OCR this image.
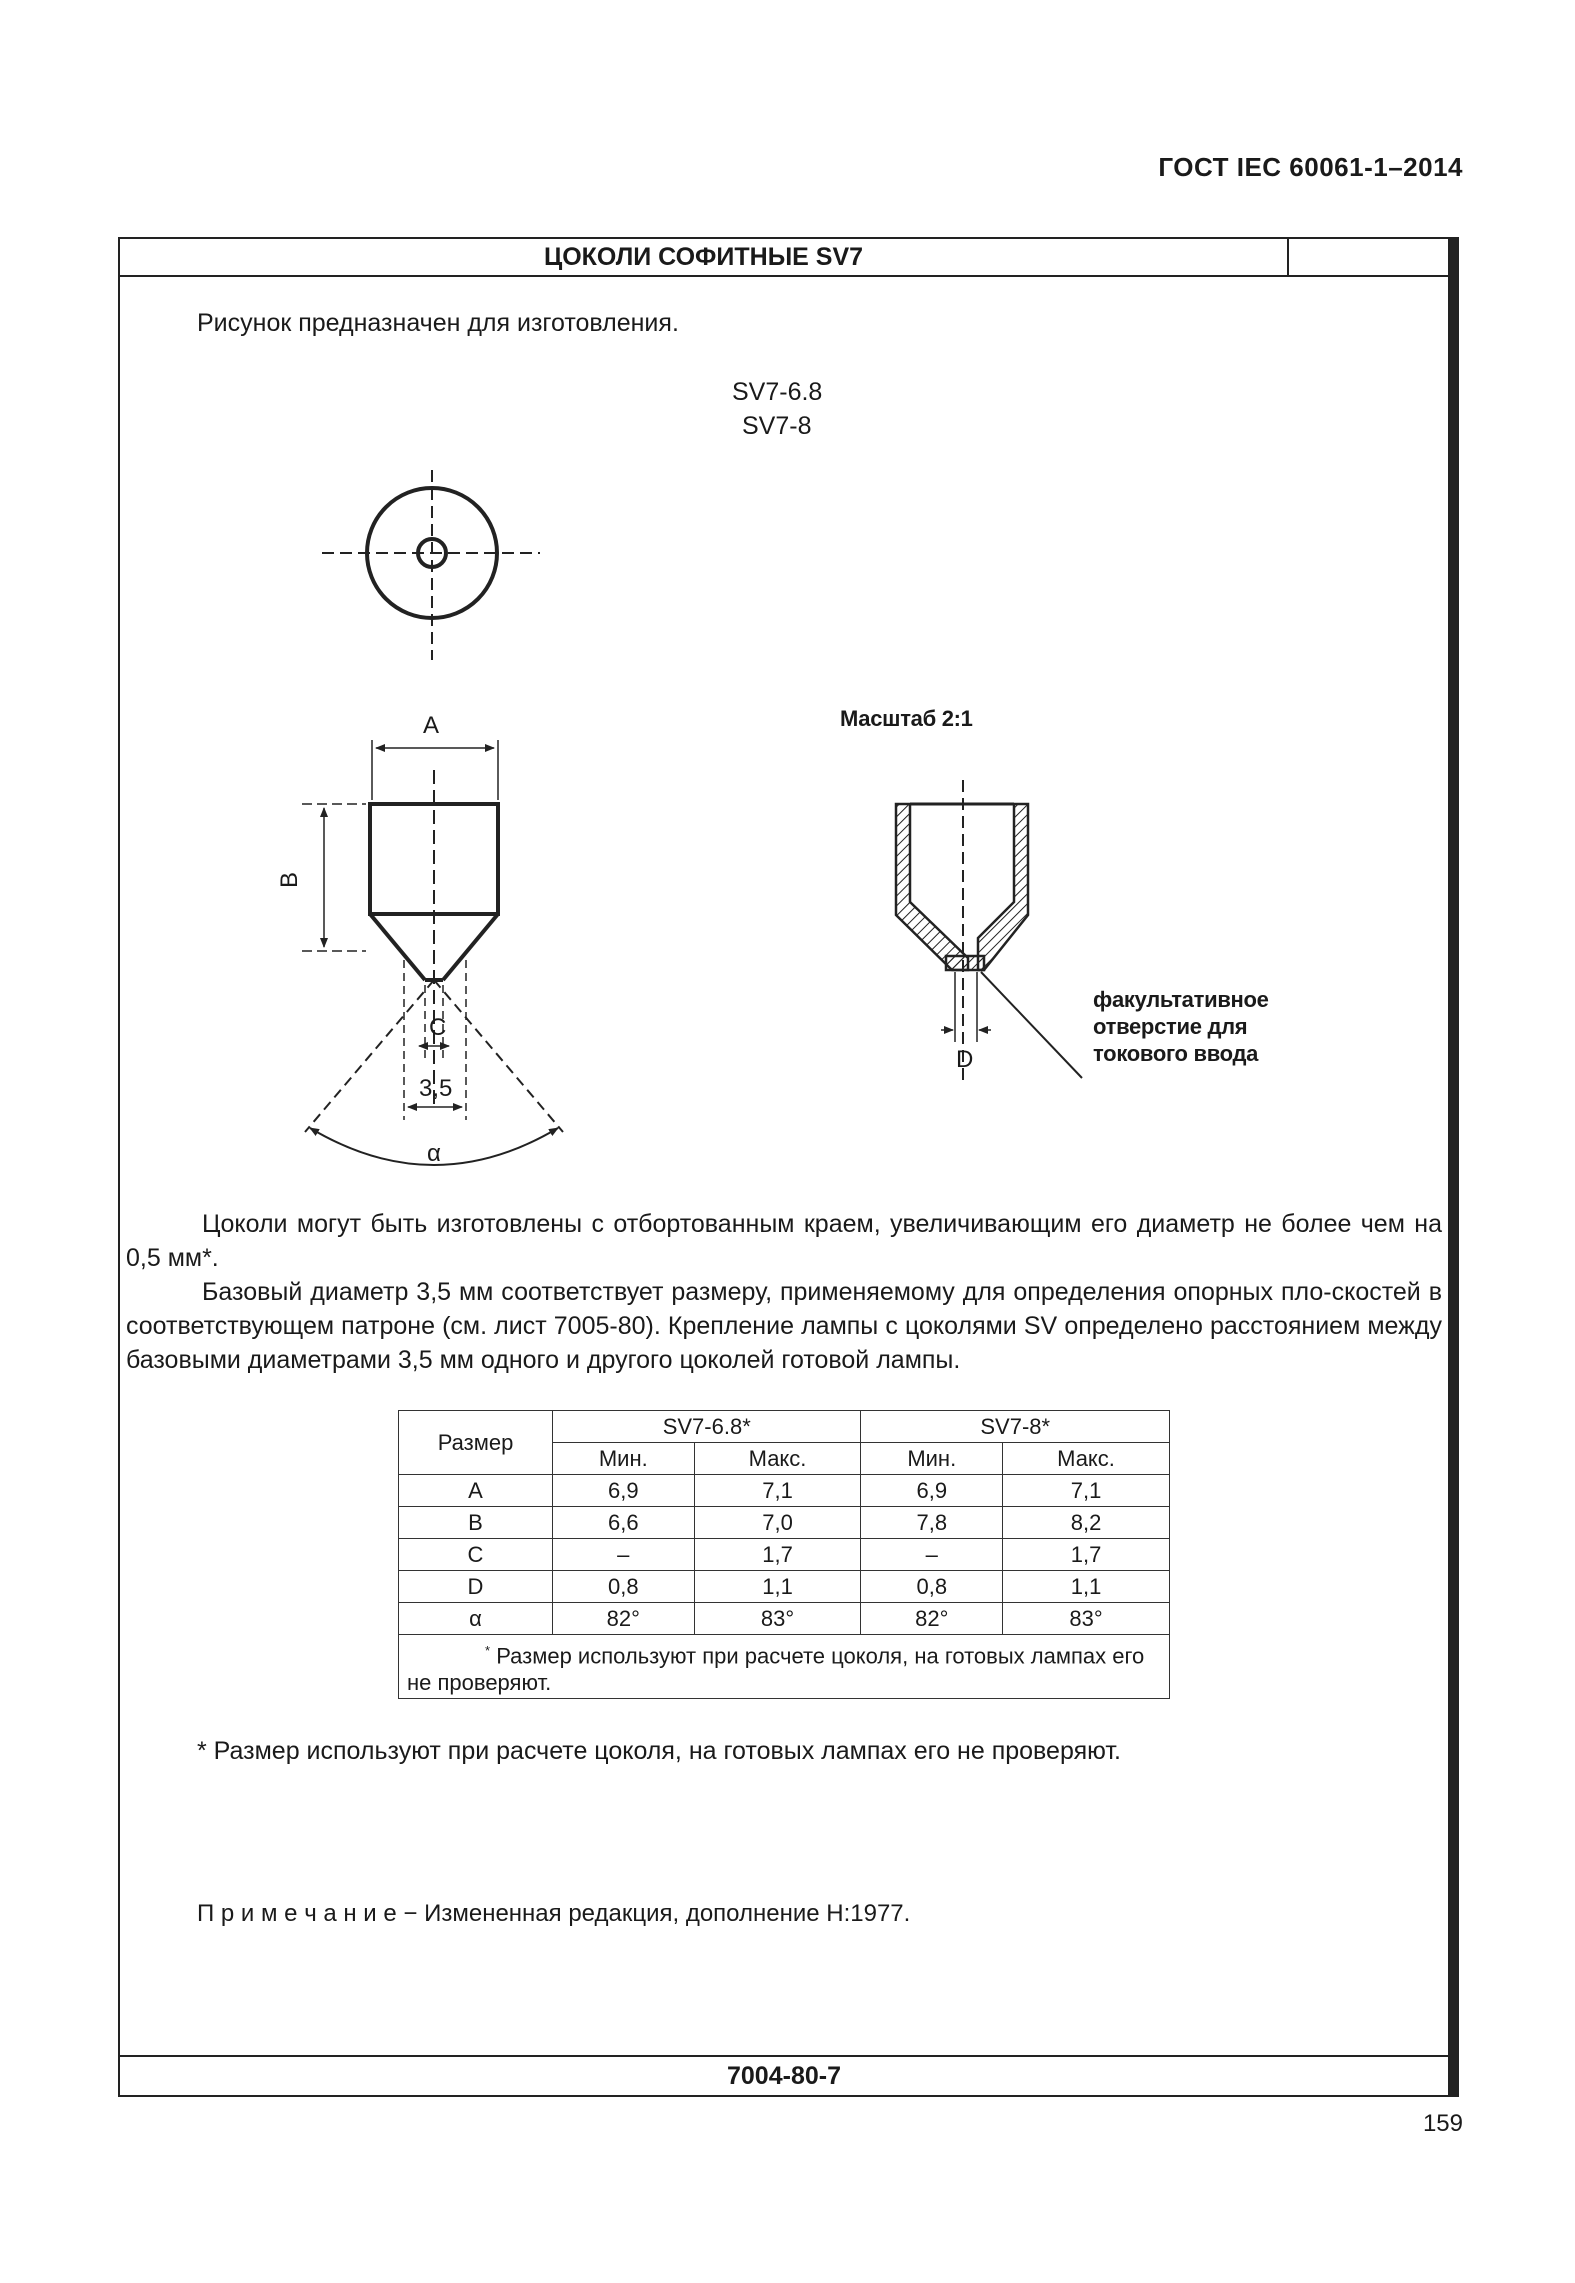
ГОСТ IEC 60061-1–2014
ЦОКОЛИ СОФИТНЫЕ SV7
7004-80-7
Рисунок предназначен для изготовления.
SV7-6.8
SV7-8
A
B
C
3,5
α
D
Масштаб 2:1
факультативное
отверстие для
токового ввода
Цоколи могут быть изготовлены с отбортованным краем, увеличивающим его диаметр не более чем на 0,5 мм*.
Базовый диаметр 3,5 мм соответствует размеру, применяемому для определения опорных пло-скостей в соответствующем патроне (см. лист 7005-80). Крепление лампы с цоколями SV определено расстоянием между базовыми диаметрами 3,5 мм одного и другого цоколей готовой лампы.
Размер	SV7-6.8*		SV7-8*	
	Мин.	Макс.	Мин.	Макс.
A	6,9	7,1	6,9	7,1
B	6,6	7,0	7,8	8,2
C	–	1,7	–	1,7
D	0,8	1,1	0,8	1,1
α	82°	83°	82°	83°
* Размер используют при расчете цоколя, на готовых лампах его не проверяют.				
* Размер используют при расчете цоколя, на готовых лампах его не проверяют.
П р и м е ч а н и е − Измененная редакция, дополнение H:1977.
159
